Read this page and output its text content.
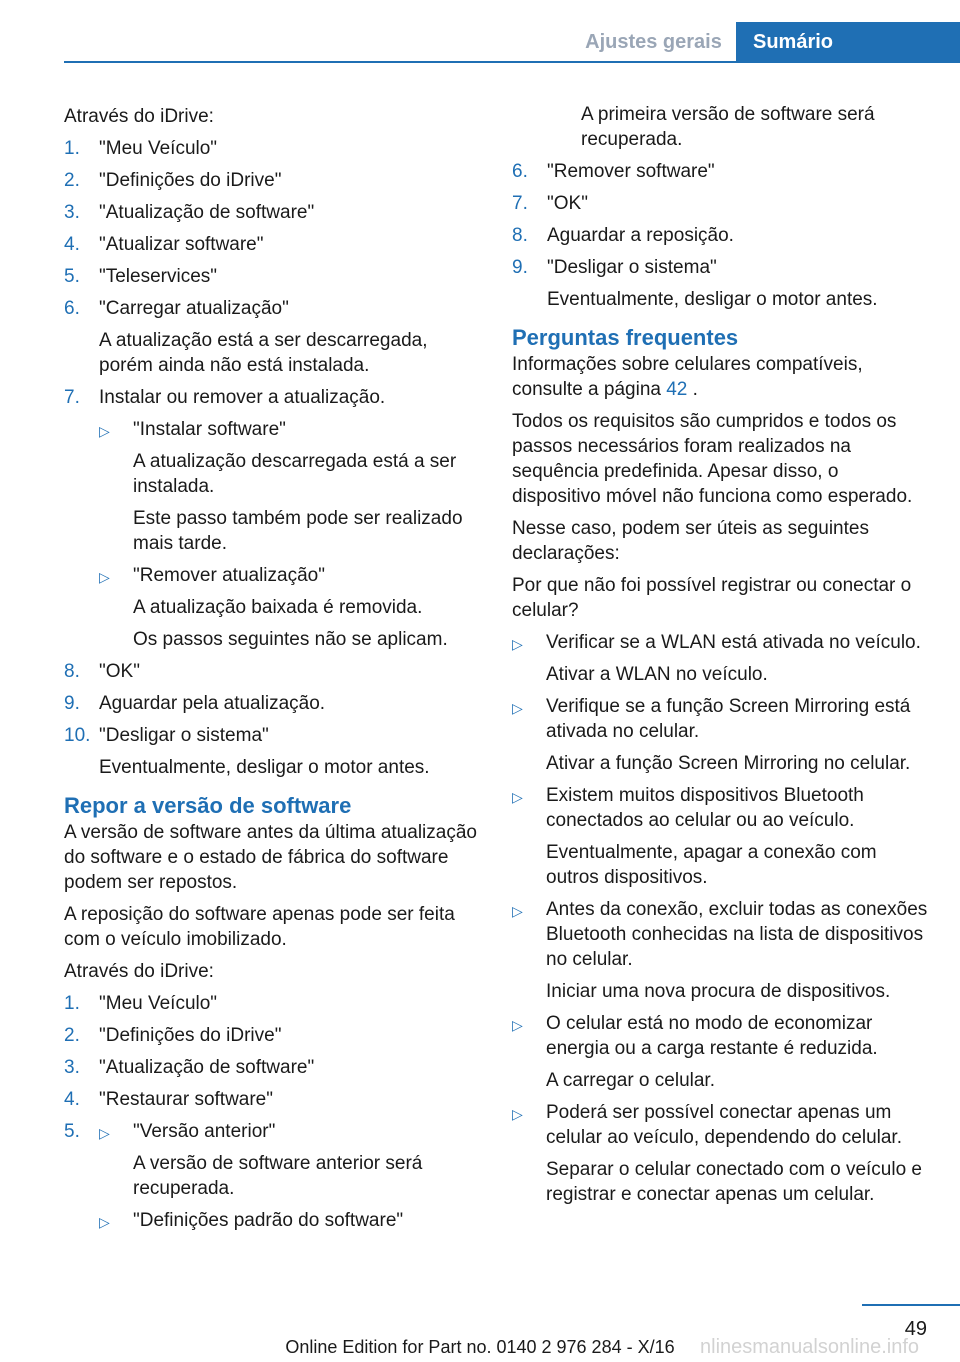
Ajustes gerais	Sumário

Através do iDrive:

1.	"Meu Veículo"
2.	"Definições do iDrive"
3.	"Atualização de software"
4.	"Atualizar software"
5.	"Teleservices"
6.	"Carregar atualização"

A atualização está a ser descarregada, porém ainda não está instalada.

7.	Instalar ou remover a atualização.

▷	"Instalar software"

A atualização descarregada está a ser instalada.

Este passo também pode ser realizado mais tarde.

▷	"Remover atualização"

A atualização baixada é removida.

Os passos seguintes não se aplicam.

8.	"OK"
9.	Aguardar pela atualização.
10. "Desligar o sistema"

Eventualmente, desligar o motor antes.

Repor a versão de software

A versão de software antes da última atualização do software e o estado de fábrica do software podem ser repostos.

A reposição do software apenas pode ser feita com o veículo imobilizado.

Através do iDrive:

1.	"Meu Veículo"
2.	"Definições do iDrive"
3.	"Atualização de software"
4.	"Restaurar software"
5.	▷	"Versão anterior"

A versão de software anterior será recuperada.

▷	"Definições padrão do software"

A primeira versão de software será recuperada.

6.	"Remover software"
7.	"OK"
8.	Aguardar a reposição.
9.	"Desligar o sistema"

Eventualmente, desligar o motor antes.

Perguntas frequentes

Informações sobre celulares compatíveis, consulte a página 42 .

Todos os requisitos são cumpridos e todos os passos necessários foram realizados na sequência predefinida. Apesar disso, o dispositivo móvel não funciona como esperado.

Nesse caso, podem ser úteis as seguintes declarações:

Por que não foi possível registrar ou conectar o celular?

▷	Verificar se a WLAN está ativada no veículo.

Ativar a WLAN no veículo.

▷	Verifique se a função Screen Mirroring está ativada no celular.

Ativar a função Screen Mirroring no celular.

▷	Existem muitos dispositivos Bluetooth conectados ao celular ou ao veículo.

Eventualmente, apagar a conexão com outros dispositivos.

▷	Antes da conexão, excluir todas as conexões Bluetooth conhecidas na lista de dispositivos no celular.

Iniciar uma nova procura de dispositivos.

▷	O celular está no modo de economizar energia ou a carga restante é reduzida.

A carregar o celular.

▷	Poderá ser possível conectar apenas um celular ao veículo, dependendo do celular.

Separar o celular conectado com o veículo e registrar e conectar apenas um celular.

49
nlinesmanualsonline.info
Online Edition for Part no. 0140 2 976 284 - X/16
